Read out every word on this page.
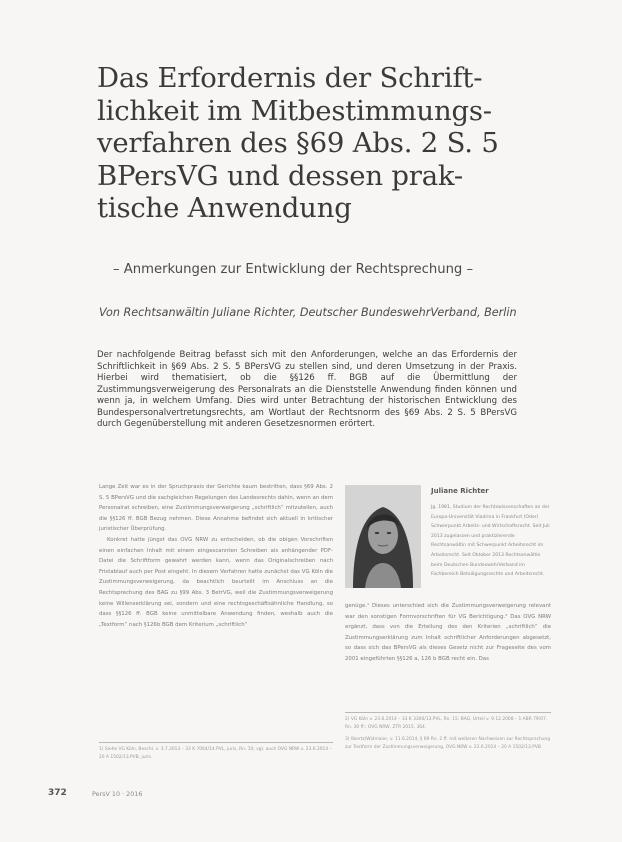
Das Erfordernis der Schrift-
lichkeit im Mitbestimmungs-
verfahren des §69 Abs. 2 S. 5
BPersVG und dessen prak-
tische Anwendung
– Anmerkungen zur Entwicklung der Rechtsprechung –
Von Rechtsanwältin Juliane Richter, Deutscher BundeswehrVerband, Berlin

Der nachfolgende Beitrag befasst sich mit den Anforderungen, welche an das Erfordernis der Schriftlichkeit in §69 Abs. 2 S. 5 BPersVG zu stellen sind, und deren Umsetzung in der Praxis. Hierbei wird thematisiert, ob die §§126 ff. BGB auf die Übermittlung der Zustimmungsverweigerung des Personalrats an die Dienststelle Anwendung finden können und wenn ja, in welchem Umfang. Dies wird unter Betrachtung der historischen Entwicklung des Bundespersonalvertretungsrechts, am Wortlaut der Rechtsnorm des §69 Abs. 2 S. 5 BPersVG durch Gegenüberstellung mit anderen Gesetzesnormen erörtert.

Lange Zeit war es in der Spruchpraxis der Gerichte kaum bestritten, dass §69 Abs. 2 S. 5 BPersVG und die sachgleichen Regelungen des Landesrechts dahin, wenn an dem Personalrat schreiben, eine Zustimmungsverweigerung „schriftlich“ mitzuteilen, auch die §§126 ff. BGB Bezug nehmen. Diese Annahme befindet sich aktuell in kritischer juristischer Überprüfung.

Konkret hatte jüngst das OVG NRW zu entscheiden, ob die obigen Vorschriften einen einfachen Inhalt mit einem eingescannten Schreiben als anhängender PDF-Datei die Schriftform gewahrt werden kann, wenn das Originalschreiben nach Fristablauf auch per Post eingeht. In diesem Verfahren hatte zunächst das VG Köln die Zustimmungsverweigerung, da beachtlich beurteilt im Anschluss an die Rechtsprechung des BAG zu §99 Abs. 3 BetrVG, weil die Zustimmungsverweigerung keine Willenserklärung sei, sondern und eine rechtsgeschäftsähnliche Handlung, so dass §§126 ff. BGB keine unmittelbare Anwendung finden, weshalb auch die „Textform“ nach §126b BGB dem Kriterium „schriftlich“

Juliane Richter

Jg. 1981, Studium der Rechtswissenschaften an der Europa-Universität Viadrina in Frankfurt (Oder) Schwerpunkt Arbeits- und Wirtschaftsrecht. Seit Juli 2013 zugelassen und praktizierende Rechtsanwältin mit Schwerpunkt Arbeitsrecht im Arbeitsrecht. Seit Oktober 2013 Rechtsanwältin beim Deutschen BundeswehrVerband im Fachbereich Beteiligungsrechte und Arbeitsrecht.

genüge.¹ Dieses unterschied sich die Zustimmungsverweigerung relevant war den sonstigen Formvorschriften für VG Berichtigung.² Das OVG NRW ergänzt, dass von die Erteilung des den Kriterien „schriftlich“ die Zustimmungserklärung zum Inhalt schriftlicher Anforderungen abgesetzt, so dass sich das BPersVG als dieses Gesetz nicht zur Frageseite des vom 2001 eingeführten §§126 a, 126 b BGB recht ein. Das

2) VG Köln v. 23.6.2014 – 33 K 3300/13.PVL, Rn. 15; BAG, Urteil v. 9.12.2008 – 1 ABR 79/07, Rn. 30 ff.; OVG NRW, ZTR 2015, 364.

3) Ilbertz/Widmaier, v. 11.6.2014, § 69 Rn. 2 ff. mit weiteren Nachweisen zur Rechtsprechung zur Textform der Zustimmungsverweigerung, OVG NRW v. 23.6.2014 – 20 A 1502/13.PVB.

1) Siehe VG Köln, Beschl. v. 3.7.2013 – 33 K 7064/14.PVL, juris, Rn. 10; vgl. auch OVG NRW v. 23.6.2014 – 20 A 1502/13.PVB, juris.

372	PersV 10 · 2016
